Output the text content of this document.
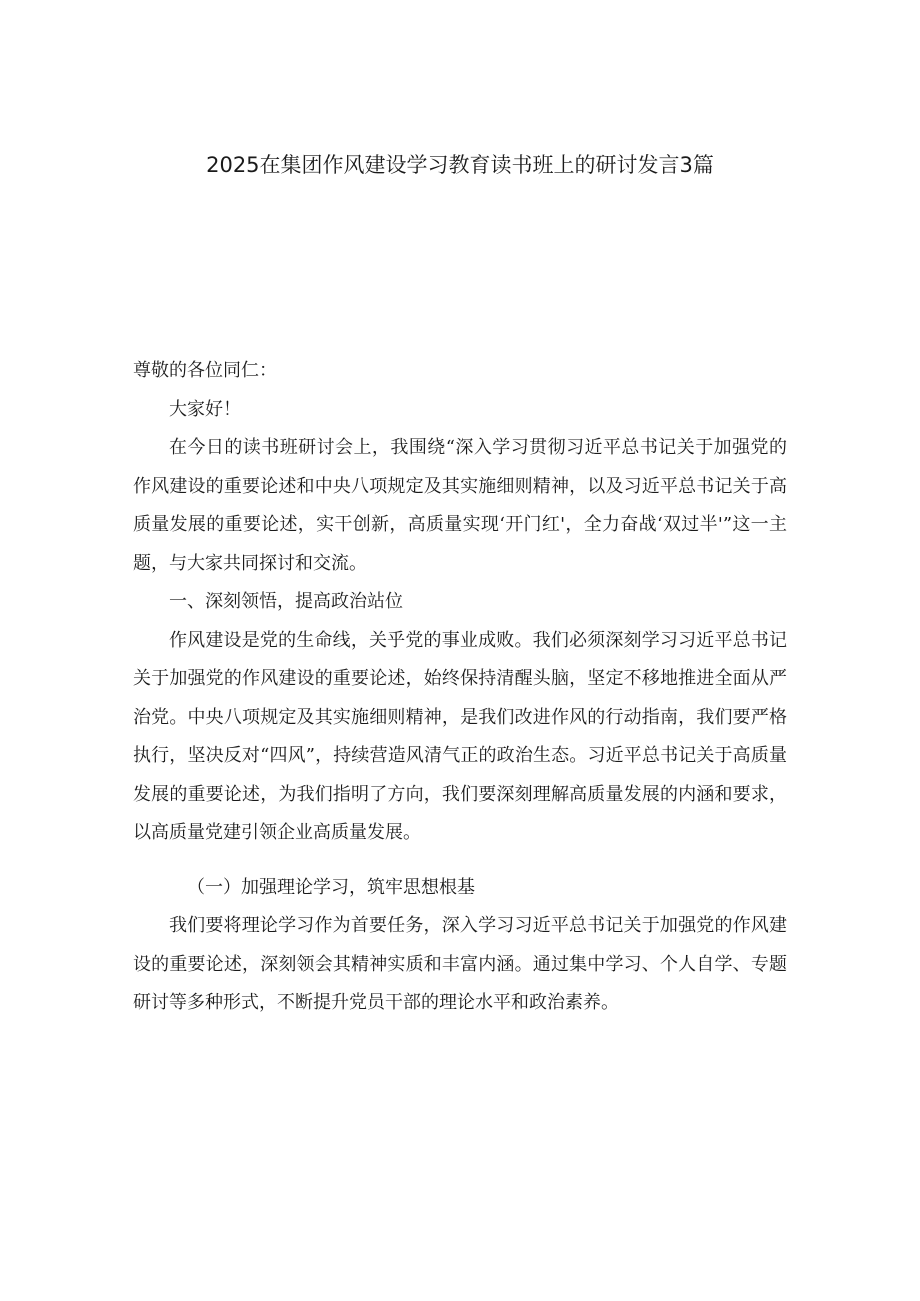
2025在集团作风建设学习教育读书班上的研讨发言3篇

尊敬的各位同仁：

大家好！

在今日的读书班研讨会上，我围绕“深入学习贯彻习近平总书记关于加强党的作风建设的重要论述和中央八项规定及其实施细则精神，以及习近平总书记关于高质量发展的重要论述，实干创新，高质量实现‘开门红'，全力奋战‘双过半'”这一主题，与大家共同探讨和交流。

一、深刻领悟，提高政治站位

作风建设是党的生命线，关乎党的事业成败。我们必须深刻学习习近平总书记关于加强党的作风建设的重要论述，始终保持清醒头脑，坚定不移地推进全面从严治党。中央八项规定及其实施细则精神，是我们改进作风的行动指南，我们要严格执行，坚决反对“四风”，持续营造风清气正的政治生态。习近平总书记关于高质量发展的重要论述，为我们指明了方向，我们要深刻理解高质量发展的内涵和要求，以高质量党建引领企业高质量发展。

（一）加强理论学习，筑牢思想根基

我们要将理论学习作为首要任务，深入学习习近平总书记关于加强党的作风建设的重要论述，深刻领会其精神实质和丰富内涵。通过集中学习、个人自学、专题研讨等多种形式，不断提升党员干部的理论水平和政治素养。
